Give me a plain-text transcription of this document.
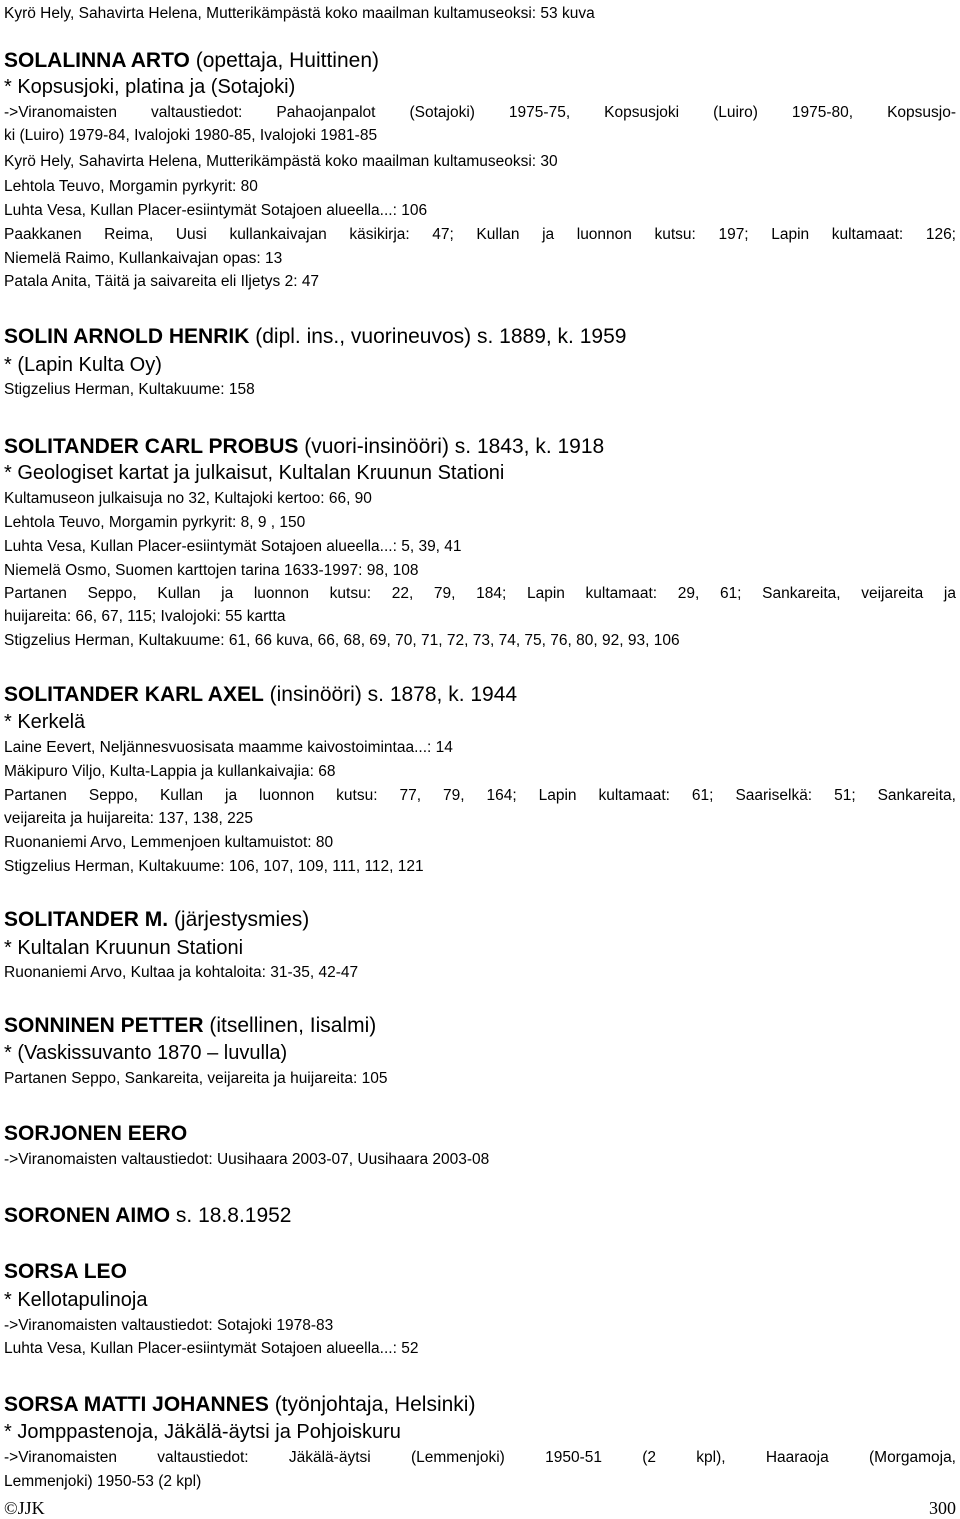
Kyrö Hely, Sahavirta Helena, Mutterikämpästä koko maailman kultamuseoksi: 53 kuva
SOLALINNA ARTO (opettaja, Huittinen)
* Kopsusjoki, platina ja (Sotajoki)
->Viranomaisten valtaustiedot: Pahaojanpalot (Sotajoki) 1975-75, Kopsusjoki (Luiro) 1975-80, Kopsusjo-
ki (Luiro) 1979-84, Ivalojoki 1980-85, Ivalojoki 1981-85
Kyrö Hely, Sahavirta Helena, Mutterikämpästä koko maailman kultamuseoksi: 30
Lehtola Teuvo, Morgamin pyrkyrit: 80
Luhta Vesa, Kullan Placer-esiintymät Sotajoen alueella...: 106
Paakkanen Reima, Uusi kullankaivajan käsikirja: 47; Kullan ja luonnon kutsu: 197; Lapin kultamaat: 126;
Niemelä Raimo, Kullankaivajan opas: 13
Patala Anita, Täitä ja saivareita eli Iljetys 2: 47
SOLIN ARNOLD HENRIK (dipl. ins., vuorineuvos) s. 1889, k. 1959
* (Lapin Kulta Oy)
Stigzelius Herman, Kultakuume: 158
SOLITANDER CARL PROBUS (vuori-insinööri) s. 1843, k. 1918
* Geologiset kartat ja julkaisut, Kultalan Kruunun Stationi
Kultamuseon julkaisuja no 32, Kultajoki kertoo: 66, 90
Lehtola Teuvo, Morgamin pyrkyrit: 8, 9 , 150
Luhta Vesa, Kullan Placer-esiintymät Sotajoen alueella...: 5, 39, 41
Niemelä Osmo, Suomen karttojen tarina 1633-1997: 98, 108
Partanen Seppo, Kullan ja luonnon kutsu: 22, 79, 184; Lapin kultamaat: 29, 61; Sankareita, veijareita ja
huijareita: 66, 67, 115; Ivalojoki: 55 kartta
Stigzelius Herman, Kultakuume: 61, 66 kuva, 66, 68, 69, 70, 71, 72, 73, 74, 75, 76, 80, 92, 93, 106
SOLITANDER KARL AXEL (insinööri) s. 1878, k. 1944
* Kerkelä
Laine Eevert, Neljännesvuosisata maamme kaivostoimintaa...: 14
Mäkipuro Viljo, Kulta-Lappia ja kullankaivajia: 68
Partanen Seppo, Kullan ja luonnon kutsu: 77, 79, 164; Lapin kultamaat: 61; Saariselkä: 51; Sankareita,
veijareita ja huijareita: 137, 138, 225
Ruonaniemi Arvo, Lemmenjoen kultamuistot: 80
Stigzelius Herman, Kultakuume: 106, 107, 109, 111, 112, 121
SOLITANDER M. (järjestysmies)
* Kultalan Kruunun Stationi
Ruonaniemi Arvo, Kultaa ja kohtaloita: 31-35, 42-47
SONNINEN PETTER (itsellinen, Iisalmi)
* (Vaskissuvanto 1870 – luvulla)
Partanen Seppo, Sankareita, veijareita ja huijareita: 105
SORJONEN EERO
->Viranomaisten valtaustiedot: Uusihaara 2003-07, Uusihaara 2003-08
SORONEN AIMO s. 18.8.1952
SORSA LEO
* Kellotapulinoja
->Viranomaisten valtaustiedot: Sotajoki 1978-83
Luhta Vesa, Kullan Placer-esiintymät Sotajoen alueella...: 52
SORSA MATTI JOHANNES (työnjohtaja, Helsinki)
* Jomppastenoja, Jäkälä-äytsi ja Pohjoiskuru
->Viranomaisten valtaustiedot: Jäkälä-äytsi (Lemmenjoki) 1950-51 (2 kpl), Haaraoja (Morgamoja,
Lemmenjoki) 1950-53 (2 kpl)
©JJK	300
